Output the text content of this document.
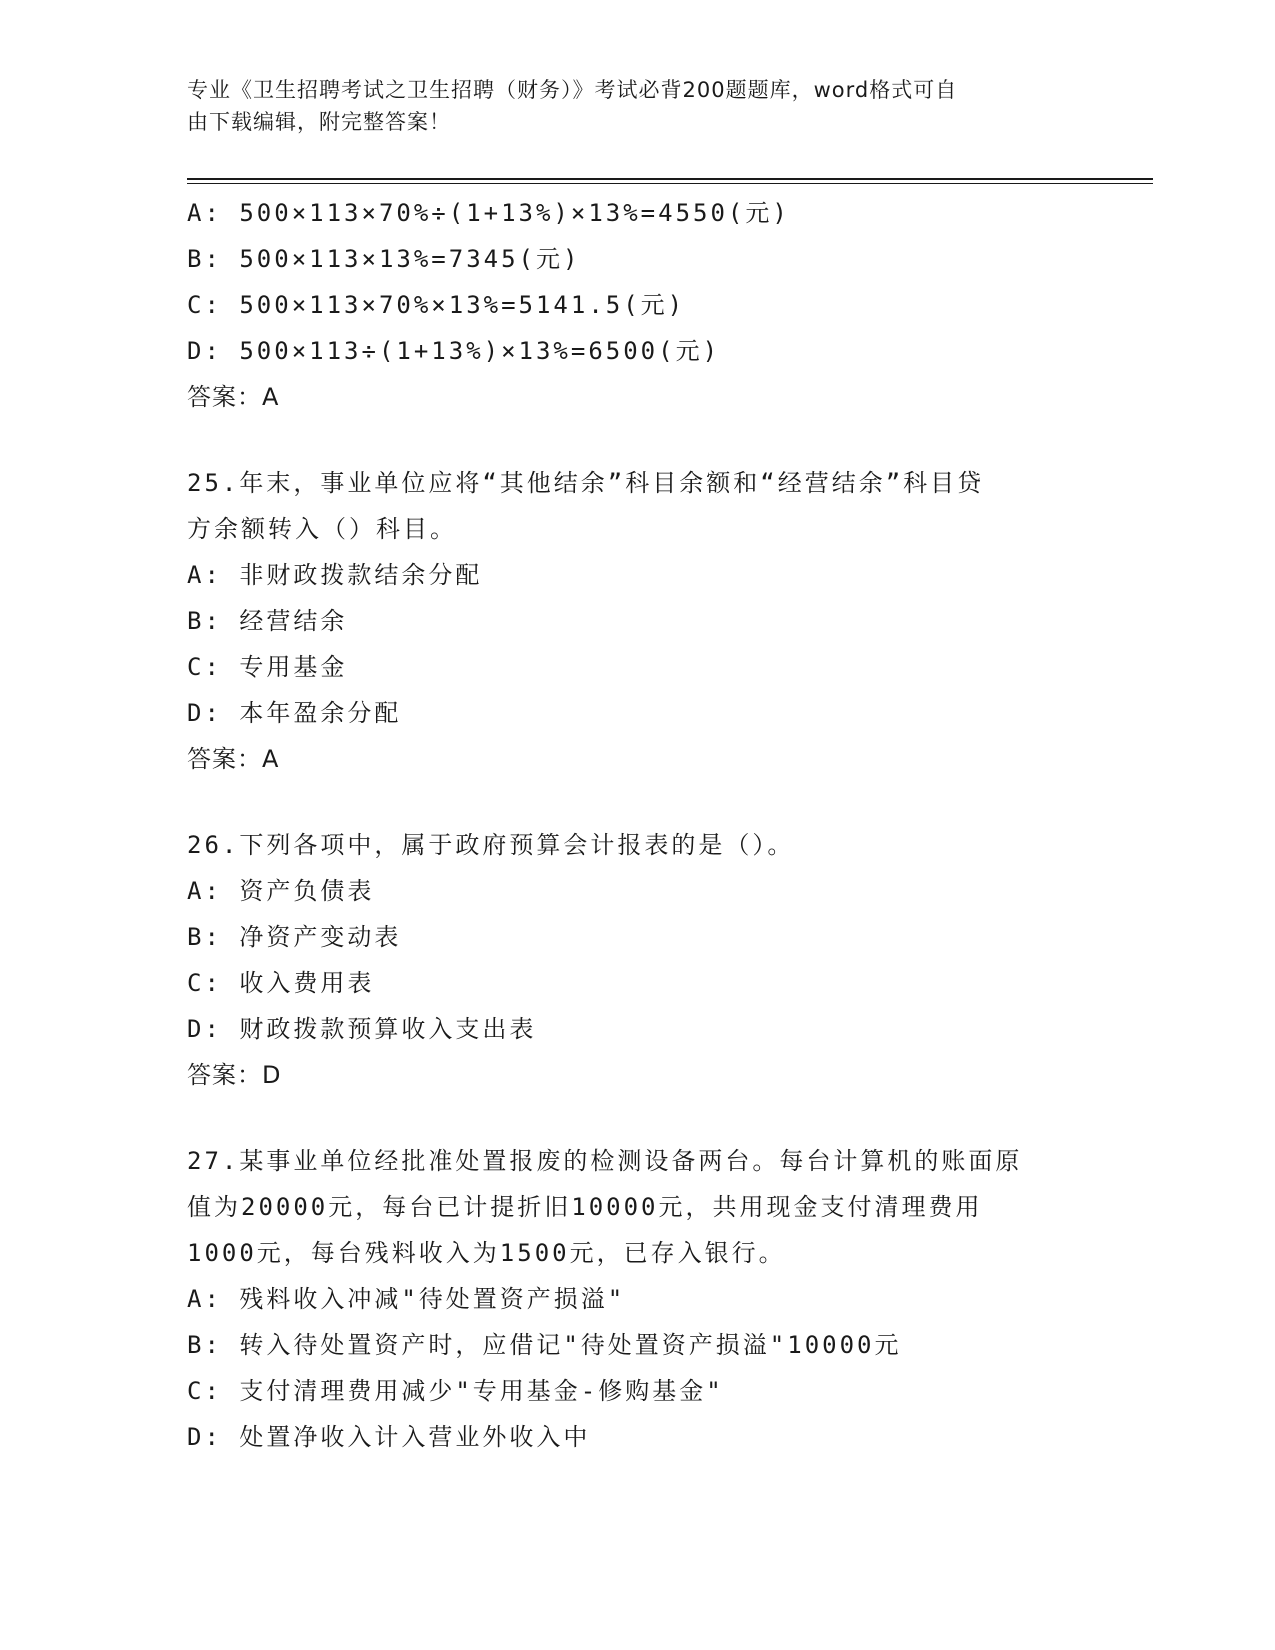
专业《卫生招聘考试之卫生招聘（财务）》考试必背200题题库，word格式可自
由下载编辑，附完整答案！
A: 500×113×70%÷(1+13%)×13%=4550(元)
B: 500×113×13%=7345(元)
C: 500×113×70%×13%=5141.5(元)
D: 500×113÷(1+13%)×13%=6500(元)
答案：A
25.年末，事业单位应将“其他结余”科目余额和“经营结余”科目贷
方余额转入（）科目。
A: 非财政拨款结余分配
B: 经营结余
C: 专用基金
D: 本年盈余分配
答案：A
26.下列各项中，属于政府预算会计报表的是（）。
A: 资产负债表
B: 净资产变动表
C: 收入费用表
D: 财政拨款预算收入支出表
答案：D
27.某事业单位经批准处置报废的检测设备两台。每台计算机的账面原
值为20000元，每台已计提折旧10000元，共用现金支付清理费用
1000元，每台残料收入为1500元，已存入银行。
A: 残料收入冲减"待处置资产损溢"
B: 转入待处置资产时，应借记"待处置资产损溢"10000元
C: 支付清理费用减少"专用基金-修购基金"
D: 处置净收入计入营业外收入中
